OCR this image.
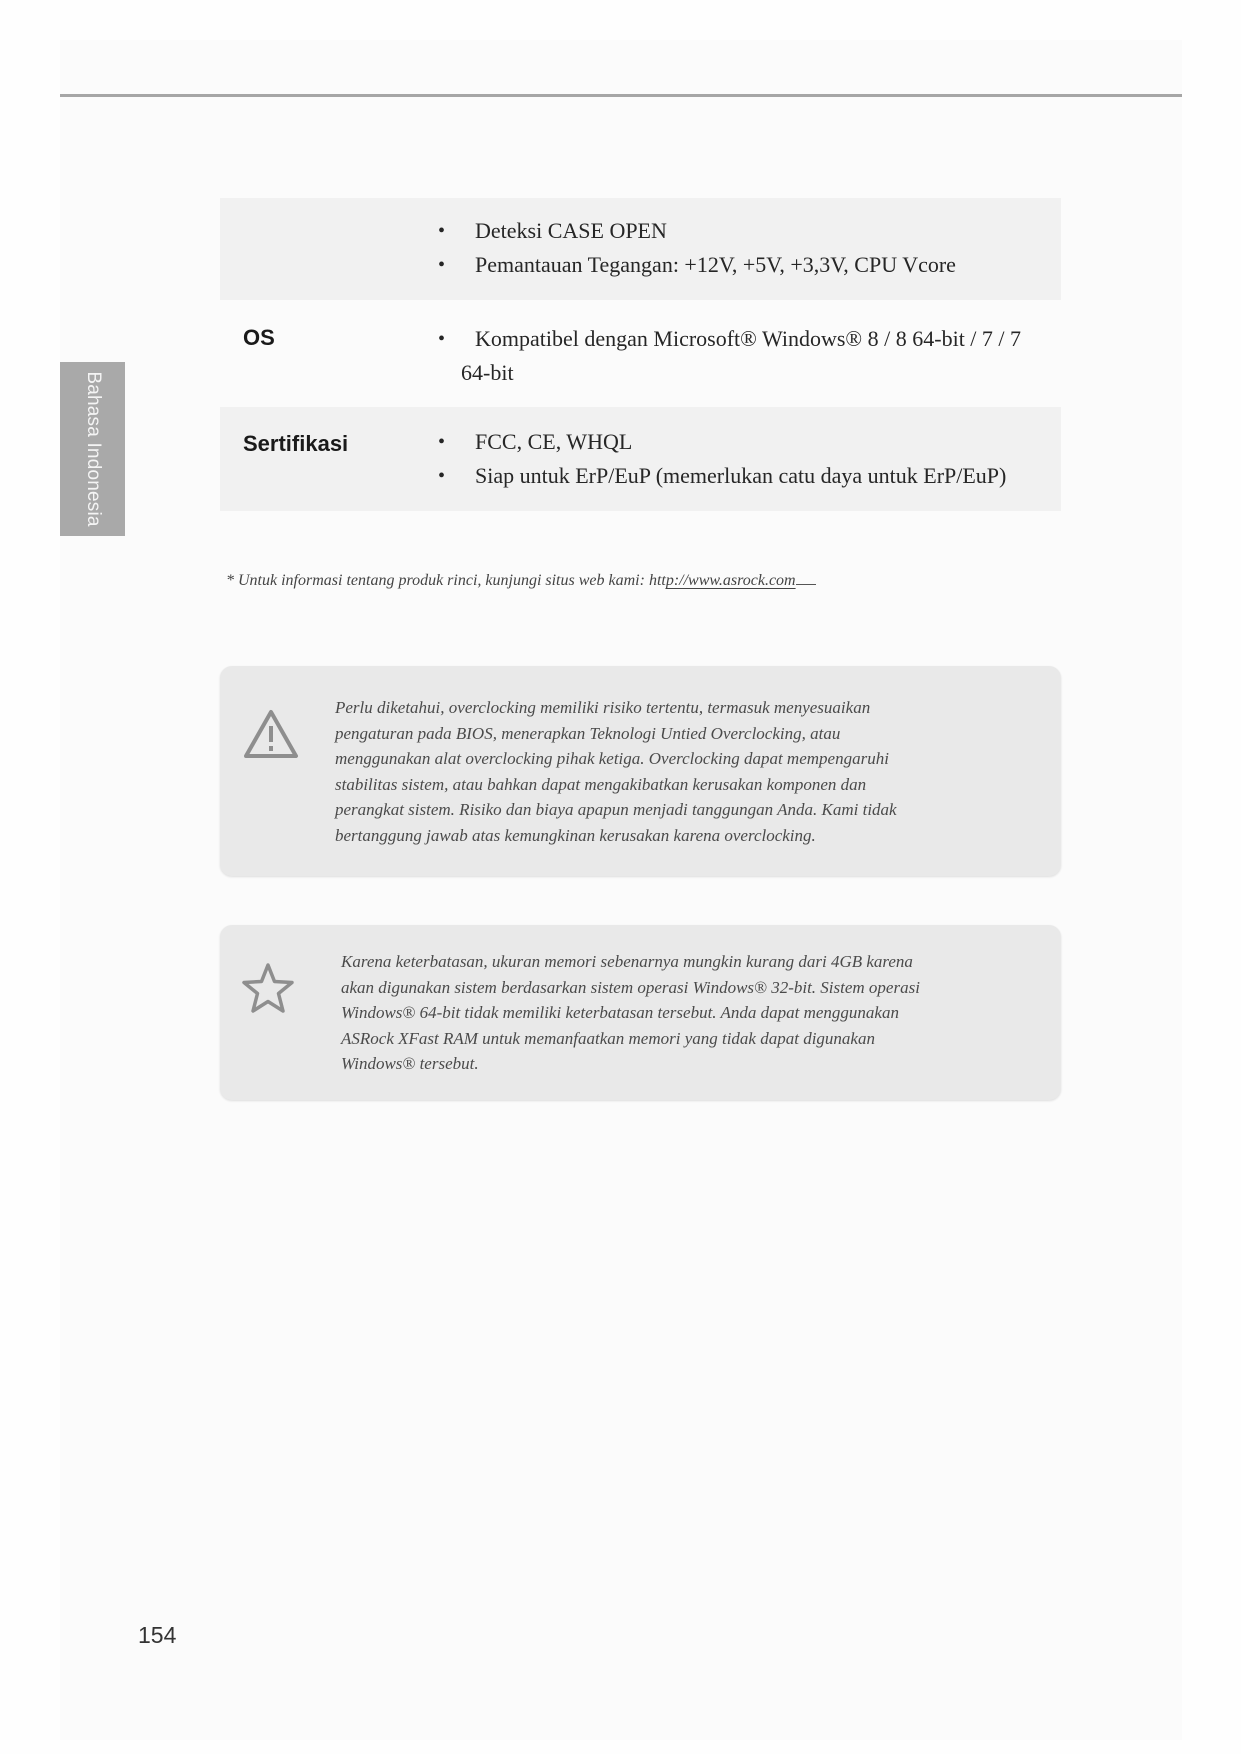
Bahasa Indonesia
• Deteksi CASE OPEN
• Pemantauan Tegangan: +12V, +5V, +3,3V, CPU Vcore
OS	• Kompatibel dengan Microsoft® Windows® 8 / 8 64-bit / 7 / 7
64-bit
Sertifikasi	• FCC, CE, WHQL
• Siap untuk ErP/EuP (memerlukan catu daya untuk ErP/EuP)
* Untuk informasi tentang produk rinci, kunjungi situs web kami: http://www.asrock.com
Perlu diketahui, overclocking memiliki risiko tertentu, termasuk menyesuaikan
pengaturan pada BIOS, menerapkan Teknologi Untied Overclocking, atau
menggunakan alat overclocking pihak ketiga. Overclocking dapat mempengaruhi
stabilitas sistem, atau bahkan dapat mengakibatkan kerusakan komponen dan
perangkat sistem. Risiko dan biaya apapun menjadi tanggungan Anda. Kami tidak
bertanggung jawab atas kemungkinan kerusakan karena overclocking.
Karena keterbatasan, ukuran memori sebenarnya mungkin kurang dari 4GB karena
akan digunakan sistem berdasarkan sistem operasi Windows® 32-bit. Sistem operasi
Windows® 64-bit tidak memiliki keterbatasan tersebut. Anda dapat menggunakan
ASRock XFast RAM untuk memanfaatkan memori yang tidak dapat digunakan
Windows® tersebut.
154
